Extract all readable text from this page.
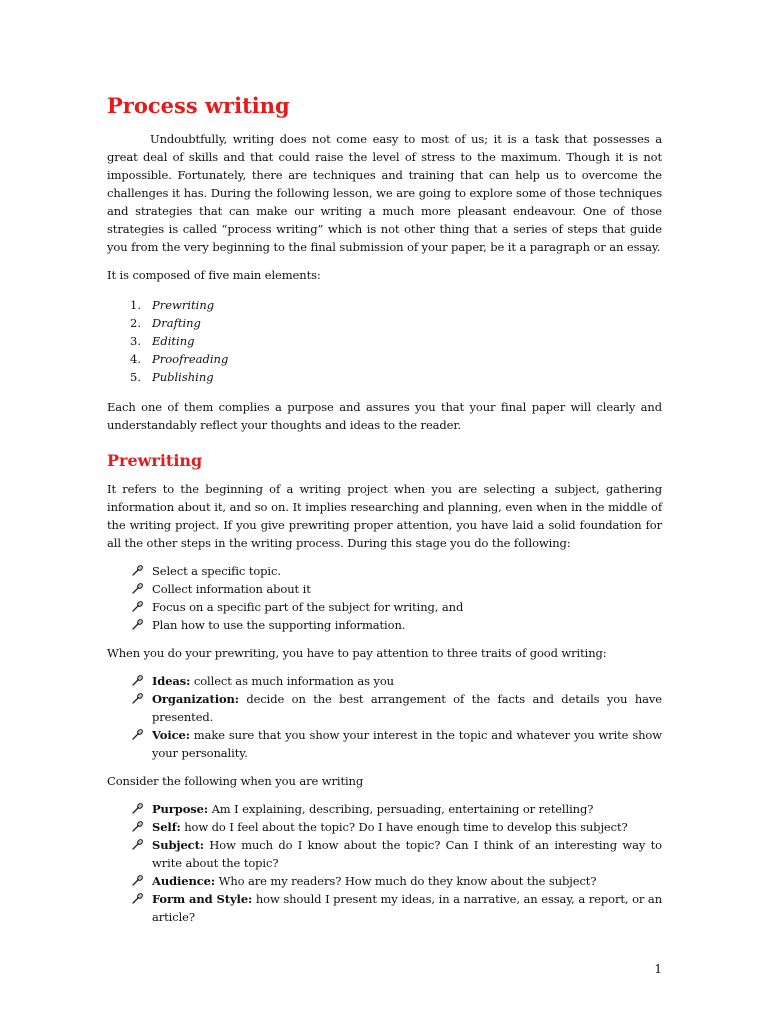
Process writing

Undoubtfully, writing does not come easy to most of us; it is a task that possesses a great deal of skills and that could raise the level of stress to the maximum. Though it is not impossible. Fortunately, there are techniques and training that can help us to overcome the challenges it has. During the following lesson, we are going to explore some of those techniques and strategies that can make our writing a much more pleasant endeavour. One of those strategies is called “process writing” which is not other thing that a series of steps that guide you from the very beginning to the final submission of your paper, be it a paragraph or an essay.

It is composed of five main elements:

1. Prewriting
2. Drafting
3. Editing
4. Proofreading
5. Publishing

Each one of them complies a purpose and assures you that your final paper will clearly and understandably reflect your thoughts and ideas to the reader.

Prewriting

It refers to the beginning of a writing project when you are selecting a subject, gathering information about it, and so on. It implies researching and planning, even when in the middle of the writing project. If you give prewriting proper attention, you have laid a solid foundation for all the other steps in the writing process. During this stage you do the following:

Select a specific topic.
Collect information about it
Focus on a specific part of the subject for writing, and
Plan how to use the supporting information.

When you do your prewriting, you have to pay attention to three traits of good writing:

Ideas: collect as much information as you
Organization: decide on the best arrangement of the facts and details you have presented.
Voice: make sure that you show your interest in the topic and whatever you write show your personality.

Consider the following when you are writing

Purpose: Am I explaining, describing, persuading, entertaining or retelling?
Self: how do I feel about the topic? Do I have enough time to develop this subject?
Subject: How much do I know about the topic? Can I think of an interesting way to write about the topic?
Audience: Who are my readers? How much do they know about the subject?
Form and Style: how should I present my ideas, in a narrative, an essay, a report, or an article?
1
